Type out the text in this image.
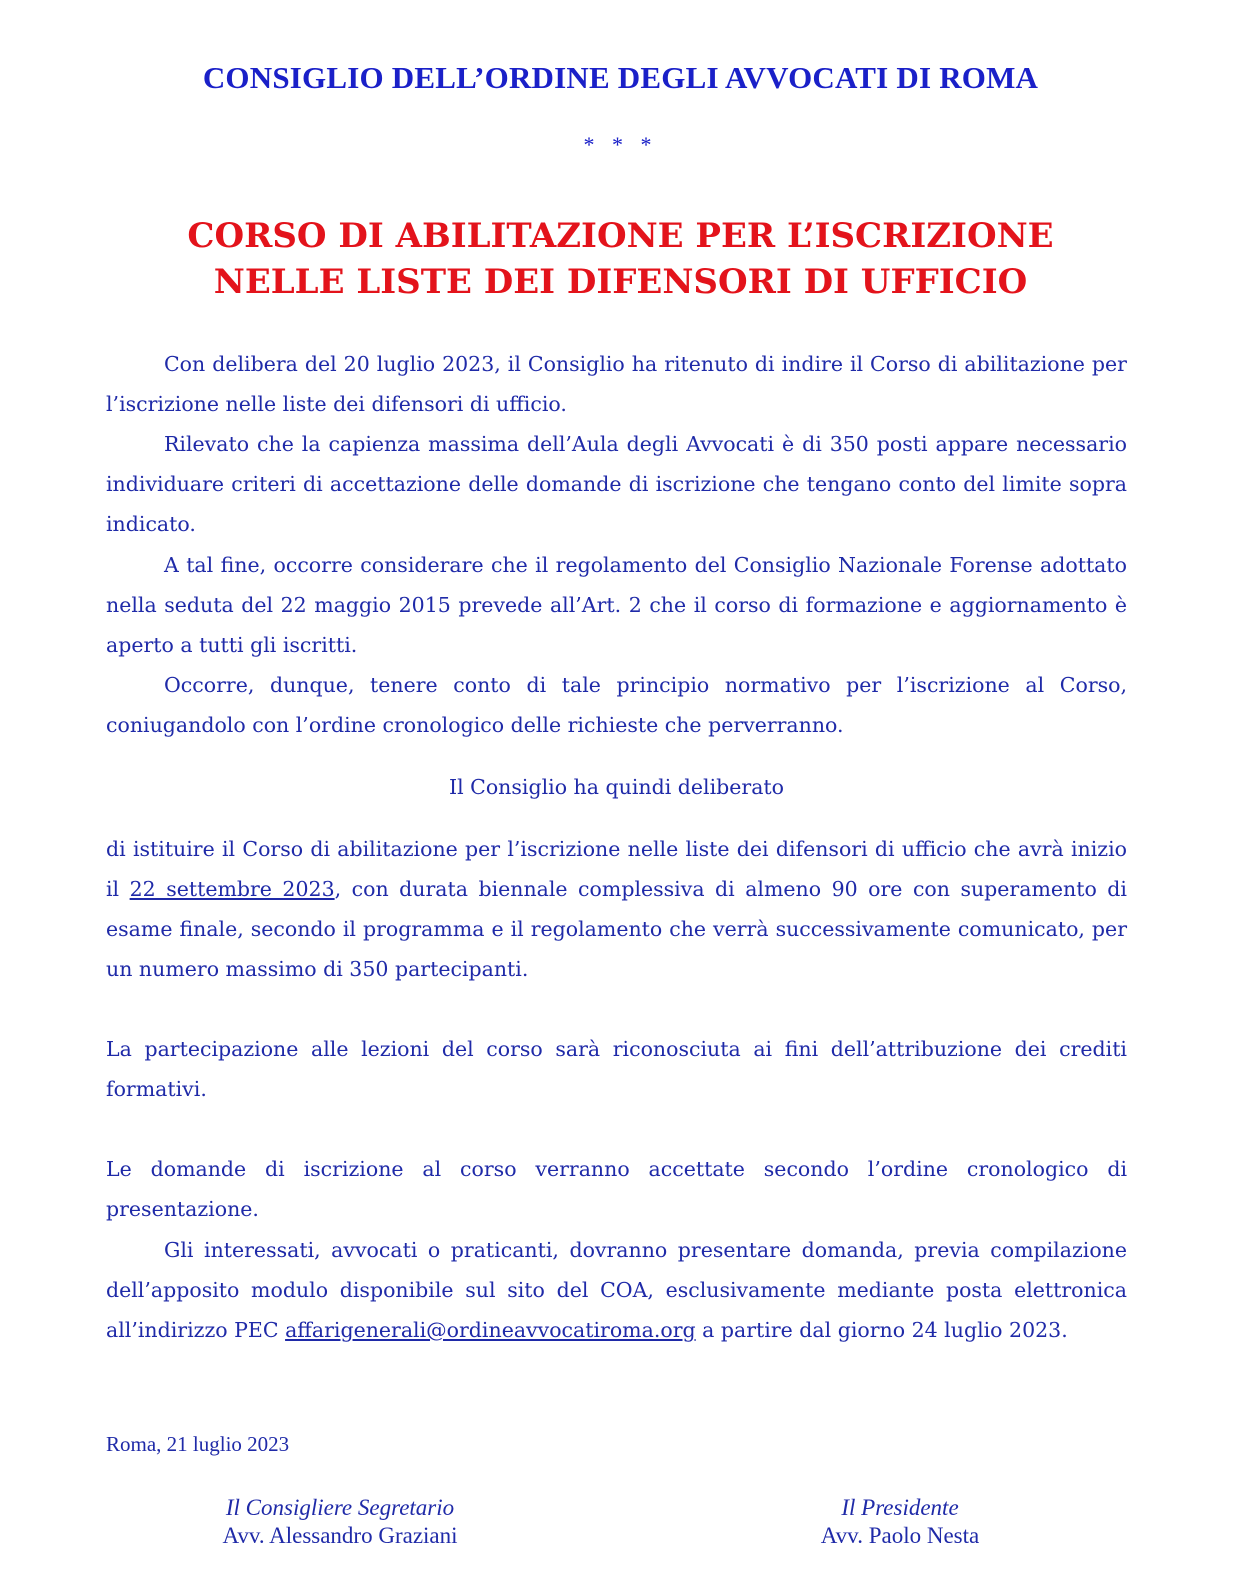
CONSIGLIO DELL’ORDINE DEGLI AVVOCATI DI ROMA
* * *
CORSO DI ABILITAZIONE PER L’ISCRIZIONE
NELLE LISTE DEI DIFENSORI DI UFFICIO
Con delibera del 20 luglio 2023, il Consiglio ha ritenuto di indire il Corso di abilitazione per l’iscrizione nelle liste dei difensori di ufficio.
Rilevato che la capienza massima dell’Aula degli Avvocati è di 350 posti appare necessario individuare criteri di accettazione delle domande di iscrizione che tengano conto del limite sopra indicato.
A tal fine, occorre considerare che il regolamento del Consiglio Nazionale Forense adottato nella seduta del 22 maggio 2015 prevede all’Art. 2 che il corso di formazione e aggiornamento è aperto a tutti gli iscritti.
Occorre, dunque, tenere conto di tale principio normativo per l’iscrizione al Corso, coniugandolo con l’ordine cronologico delle richieste che perverranno.
Il Consiglio ha quindi deliberato
di istituire il Corso di abilitazione per l’iscrizione nelle liste dei difensori di ufficio che avrà inizio il 22 settembre 2023, con durata biennale complessiva di almeno 90 ore con superamento di esame finale, secondo il programma e il regolamento che verrà successivamente comunicato, per un numero massimo di 350 partecipanti.
La partecipazione alle lezioni del corso sarà riconosciuta ai fini dell’attribuzione dei crediti formativi.
Le domande di iscrizione al corso verranno accettate secondo l’ordine cronologico di presentazione.
Gli interessati, avvocati o praticanti, dovranno presentare domanda, previa compilazione dell’apposito modulo disponibile sul sito del COA, esclusivamente mediante posta elettronica all’indirizzo PEC affarigenerali@ordineavvocatiroma.org a partire dal giorno 24 luglio 2023.
Roma, 21 luglio 2023
Il Consigliere Segretario
Avv. Alessandro Graziani
Il Presidente
Avv. Paolo Nesta
